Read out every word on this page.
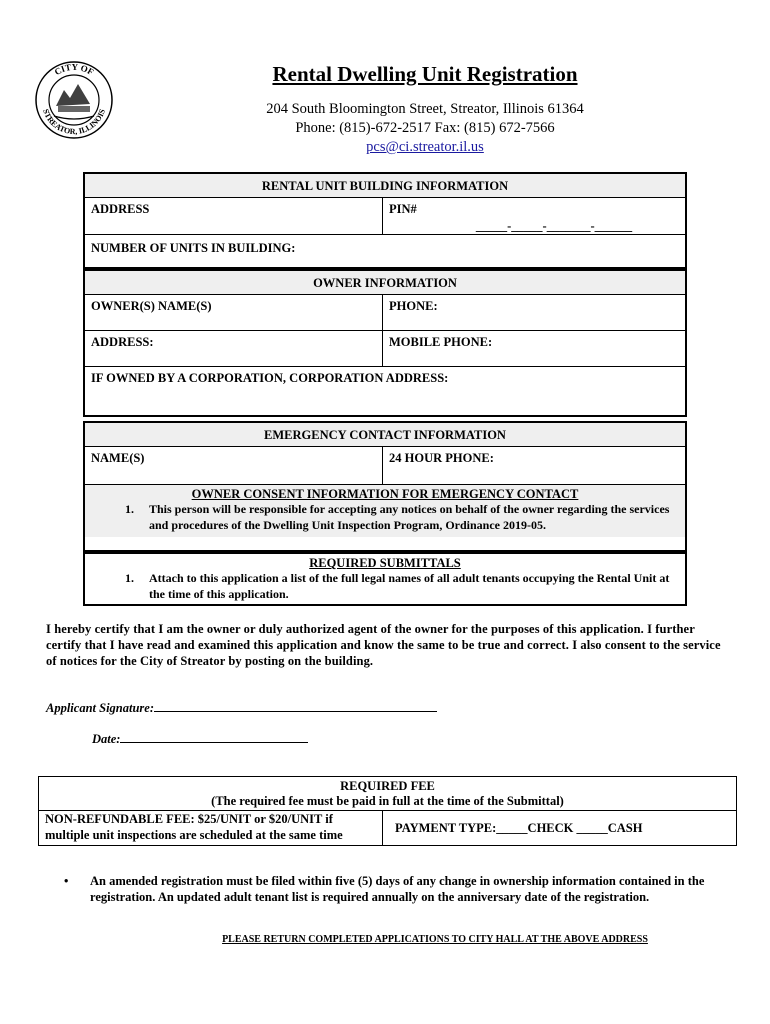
CITY OF
STREATOR, ILLINOIS
Rental Dwelling Unit Registration
204 South Bloomington Street, Streator, Illinois 61364
Phone: (815)-672-2517 Fax: (815) 672-7566
pcs@ci.streator.il.us
RENTAL UNIT BUILDING INFORMATION
ADDRESS	PIN#
_____-_____-_______-______
NUMBER OF UNITS IN BUILDING:
OWNER INFORMATION
OWNER(S) NAME(S)	PHONE:
ADDRESS:	MOBILE PHONE:
IF OWNED BY A CORPORATION, CORPORATION ADDRESS:
EMERGENCY CONTACT INFORMATION
NAME(S)	24 HOUR PHONE:
OWNER CONSENT INFORMATION FOR EMERGENCY CONTACT
1.	This person will be responsible for accepting any notices on behalf of the owner regarding the services and procedures of the Dwelling Unit Inspection Program, Ordinance 2019-05.
REQUIRED SUBMITTALS
1.	Attach to this application a list of the full legal names of all adult tenants occupying the Rental Unit at the time of this application.
I hereby certify that I am the owner or duly authorized agent of the owner for the purposes of this application. I further certify that I have read and examined this application and know the same to be true and correct. I also consent to the service of notices for the City of Streator by posting on the building.
Applicant Signature:
Date:
REQUIRED FEE
(The required fee must be paid in full at the time of the Submittal)
NON-REFUNDABLE FEE: $25/UNIT or $20/UNIT if multiple unit inspections are scheduled at the same time	PAYMENT TYPE:_____CHECK _____CASH
•	An amended registration must be filed within five (5) days of any change in ownership information contained in the registration. An updated adult tenant list is required annually on the anniversary date of the registration.
PLEASE RETURN COMPLETED APPLICATIONS TO CITY HALL AT THE ABOVE ADDRESS
